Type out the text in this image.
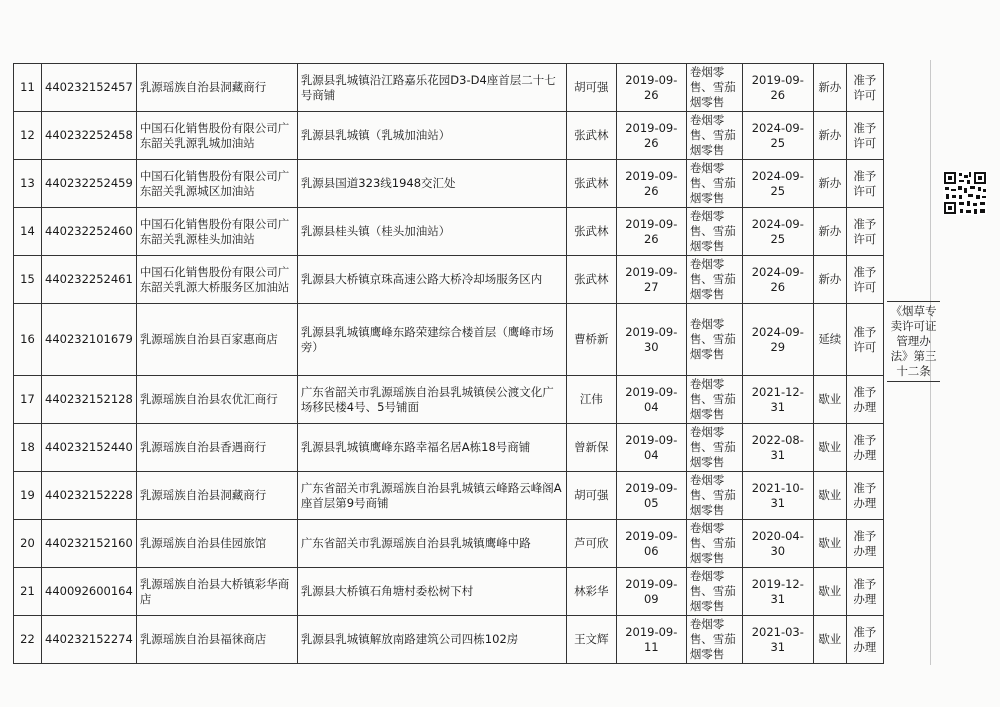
11	440232152457	乳源瑶族自治县洞藏商行	乳源县乳城镇沿江路嘉乐花园D3-D4座首层二十七号商铺	胡可强	2019-09-26	卷烟零售、雪茄烟零售	2019-09-26	新办	准予许可	《烟草专卖许可证管理办法》第三十二条

12	440232252458	中国石化销售股份有限公司广东韶关乳源乳城加油站	乳源县乳城镇（乳城加油站）	张武林	2019-09-26	卷烟零售、雪茄烟零售	2024-09-25	新办	准予许可	
13	440232252459	中国石化销售股份有限公司广东韶关乳源城区加油站	乳源县国道323线1948交汇处	张武林	2019-09-26	卷烟零售、雪茄烟零售	2024-09-25	新办	准予许可	
14	440232252460	中国石化销售股份有限公司广东韶关乳源桂头加油站	乳源县桂头镇（桂头加油站）	张武林	2019-09-26	卷烟零售、雪茄烟零售	2024-09-25	新办	准予许可	
15	440232252461	中国石化销售股份有限公司广东韶关乳源大桥服务区加油站	乳源县大桥镇京珠高速公路大桥冷却场服务区内	张武林	2019-09-27	卷烟零售、雪茄烟零售	2024-09-26	新办	准予许可	
16	440232101679	乳源瑶族自治县百家惠商店	乳源县乳城镇鹰峰东路荣建综合楼首层（鹰峰市场旁）	曹桥新	2019-09-30	卷烟零售、雪茄烟零售	2024-09-29	延续	准予许可	
17	440232152128	乳源瑶族自治县农优汇商行	广东省韶关市乳源瑶族自治县乳城镇侯公渡文化广场移民楼4号、5号铺面	江伟	2019-09-04	卷烟零售、雪茄烟零售	2021-12-31	歇业	准予办理	
18	440232152440	乳源瑶族自治县香遇商行	乳源县乳城镇鹰峰东路幸福名居A栋18号商铺	曾新保	2019-09-04	卷烟零售、雪茄烟零售	2022-08-31	歇业	准予办理	
19	440232152228	乳源瑶族自治县洞藏商行	广东省韶关市乳源瑶族自治县乳城镇云峰路云峰阁A座首层第9号商铺	胡可强	2019-09-05	卷烟零售、雪茄烟零售	2021-10-31	歇业	准予办理	
20	440232152160	乳源瑶族自治县佳园旅馆	广东省韶关市乳源瑶族自治县乳城镇鹰峰中路	芦可欣	2019-09-06	卷烟零售、雪茄烟零售	2020-04-30	歇业	准予办理	
21	440092600164	乳源瑶族自治县大桥镇彩华商店	乳源县大桥镇石角塘村委松树下村	林彩华	2019-09-09	卷烟零售、雪茄烟零售	2019-12-31	歇业	准予办理	
22	440232152274	乳源瑶族自治县福徕商店	乳源县乳城镇解放南路建筑公司四栋102房	王文辉	2019-09-11	卷烟零售、雪茄烟零售	2021-03-31	歇业	准予办理	
